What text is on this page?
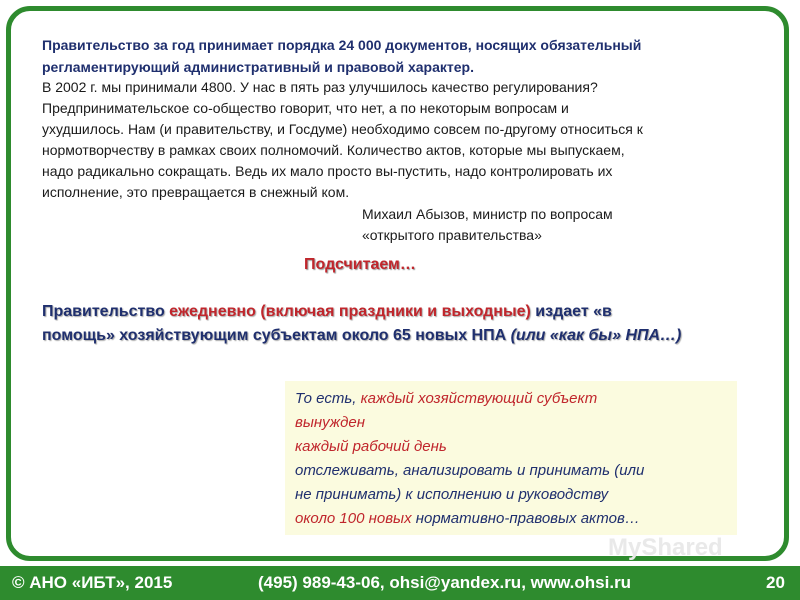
Правительство за год принимает порядка 24 000 документов, носящих обязательный

регламентирующий административный и правовой характер.

В 2002 г. мы принимали 4800. У нас в пять раз улучшилось качество регулирования?

Предпринимательское со-общество говорит, что нет, а по некоторым вопросам и

ухудшилось. Нам (и правительству, и Госдуме) необходимо совсем по-другому относиться к

нормотворчеству в рамках своих полномочий. Количество актов, которые мы выпускаем,

надо радикально сокращать. Ведь их мало просто вы-пустить, надо контролировать их

исполнение, это превращается в снежный ком.

Михаил Абызов, министр по вопросам

«открытого правительства»

Подсчитаем…
Правительство ежедневно (включая праздники и выходные) издает «в
помощь» хозяйствующим субъектам около 65 новых НПА (или «как бы» НПА…)

То есть, каждый хозяйствующий субъект

вынужден

каждый рабочий день

отслеживать, анализировать и принимать (или

не принимать) к исполнению и руководству

около 100 новых нормативно-правовых актов…

MyShared
© АНО «ИБТ», 2015	(495) 989-43-06, ohsi@yandex.ru, www.ohsi.ru	20
